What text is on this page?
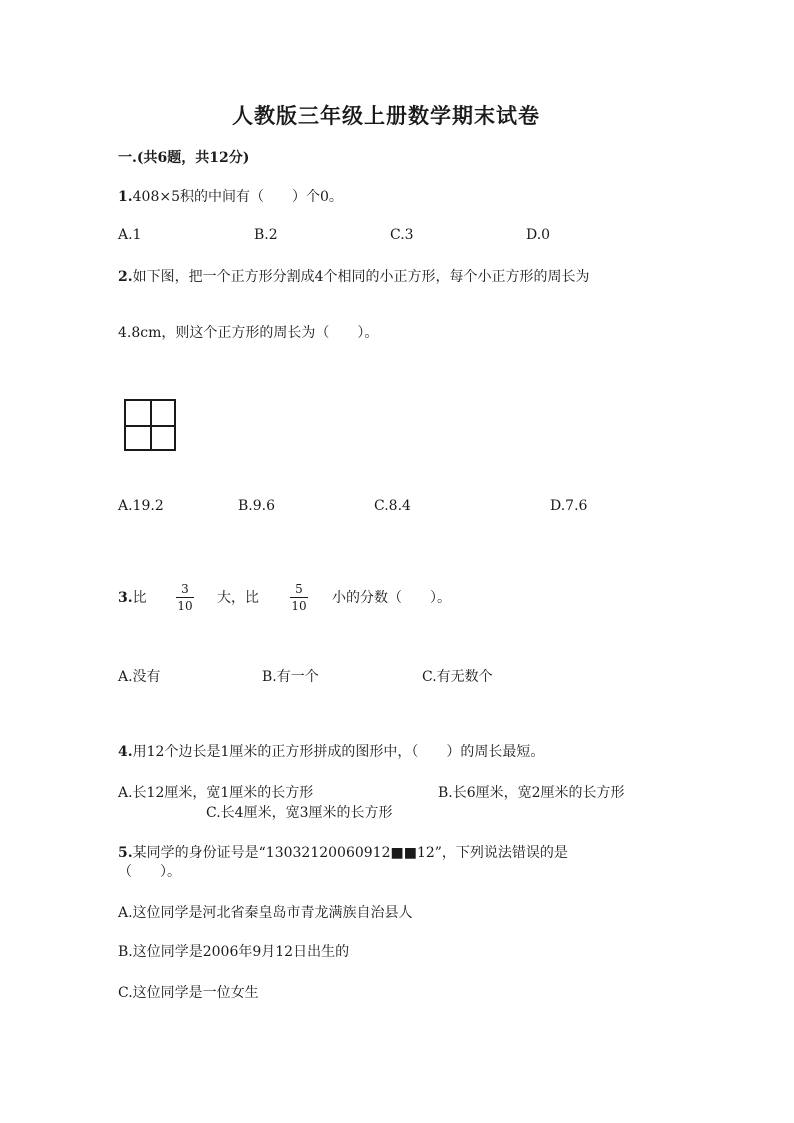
人教版三年级上册数学期末试卷
一.(共6题，共12分)
1.408×5积的中间有（　　）个0。
A.1	B.2	C.3	D.0
2.如下图，把一个正方形分割成4个相同的小正方形，每个小正方形的周长为
4.8cm，则这个正方形的周长为（　　）。
A.19.2	B.9.6	C.8.4	D.7.6
3.比
3
10 大，比
5
10 小的分数（　　）。
A.没有	B.有一个	C.有无数个
4.用12个边长是1厘米的正方形拼成的图形中，（　　）的周长最短。
A.长12厘米，宽1厘米的长方形	B.长6厘米，宽2厘米的长方形
C.长4厘米，宽3厘米的长方形
5.某同学的身份证号是“13032120060912■■12”，下列说法错误的是
（　　）。
A.这位同学是河北省秦皇岛市青龙满族自治县人
B.这位同学是2006年9月12日出生的
C.这位同学是一位女生
